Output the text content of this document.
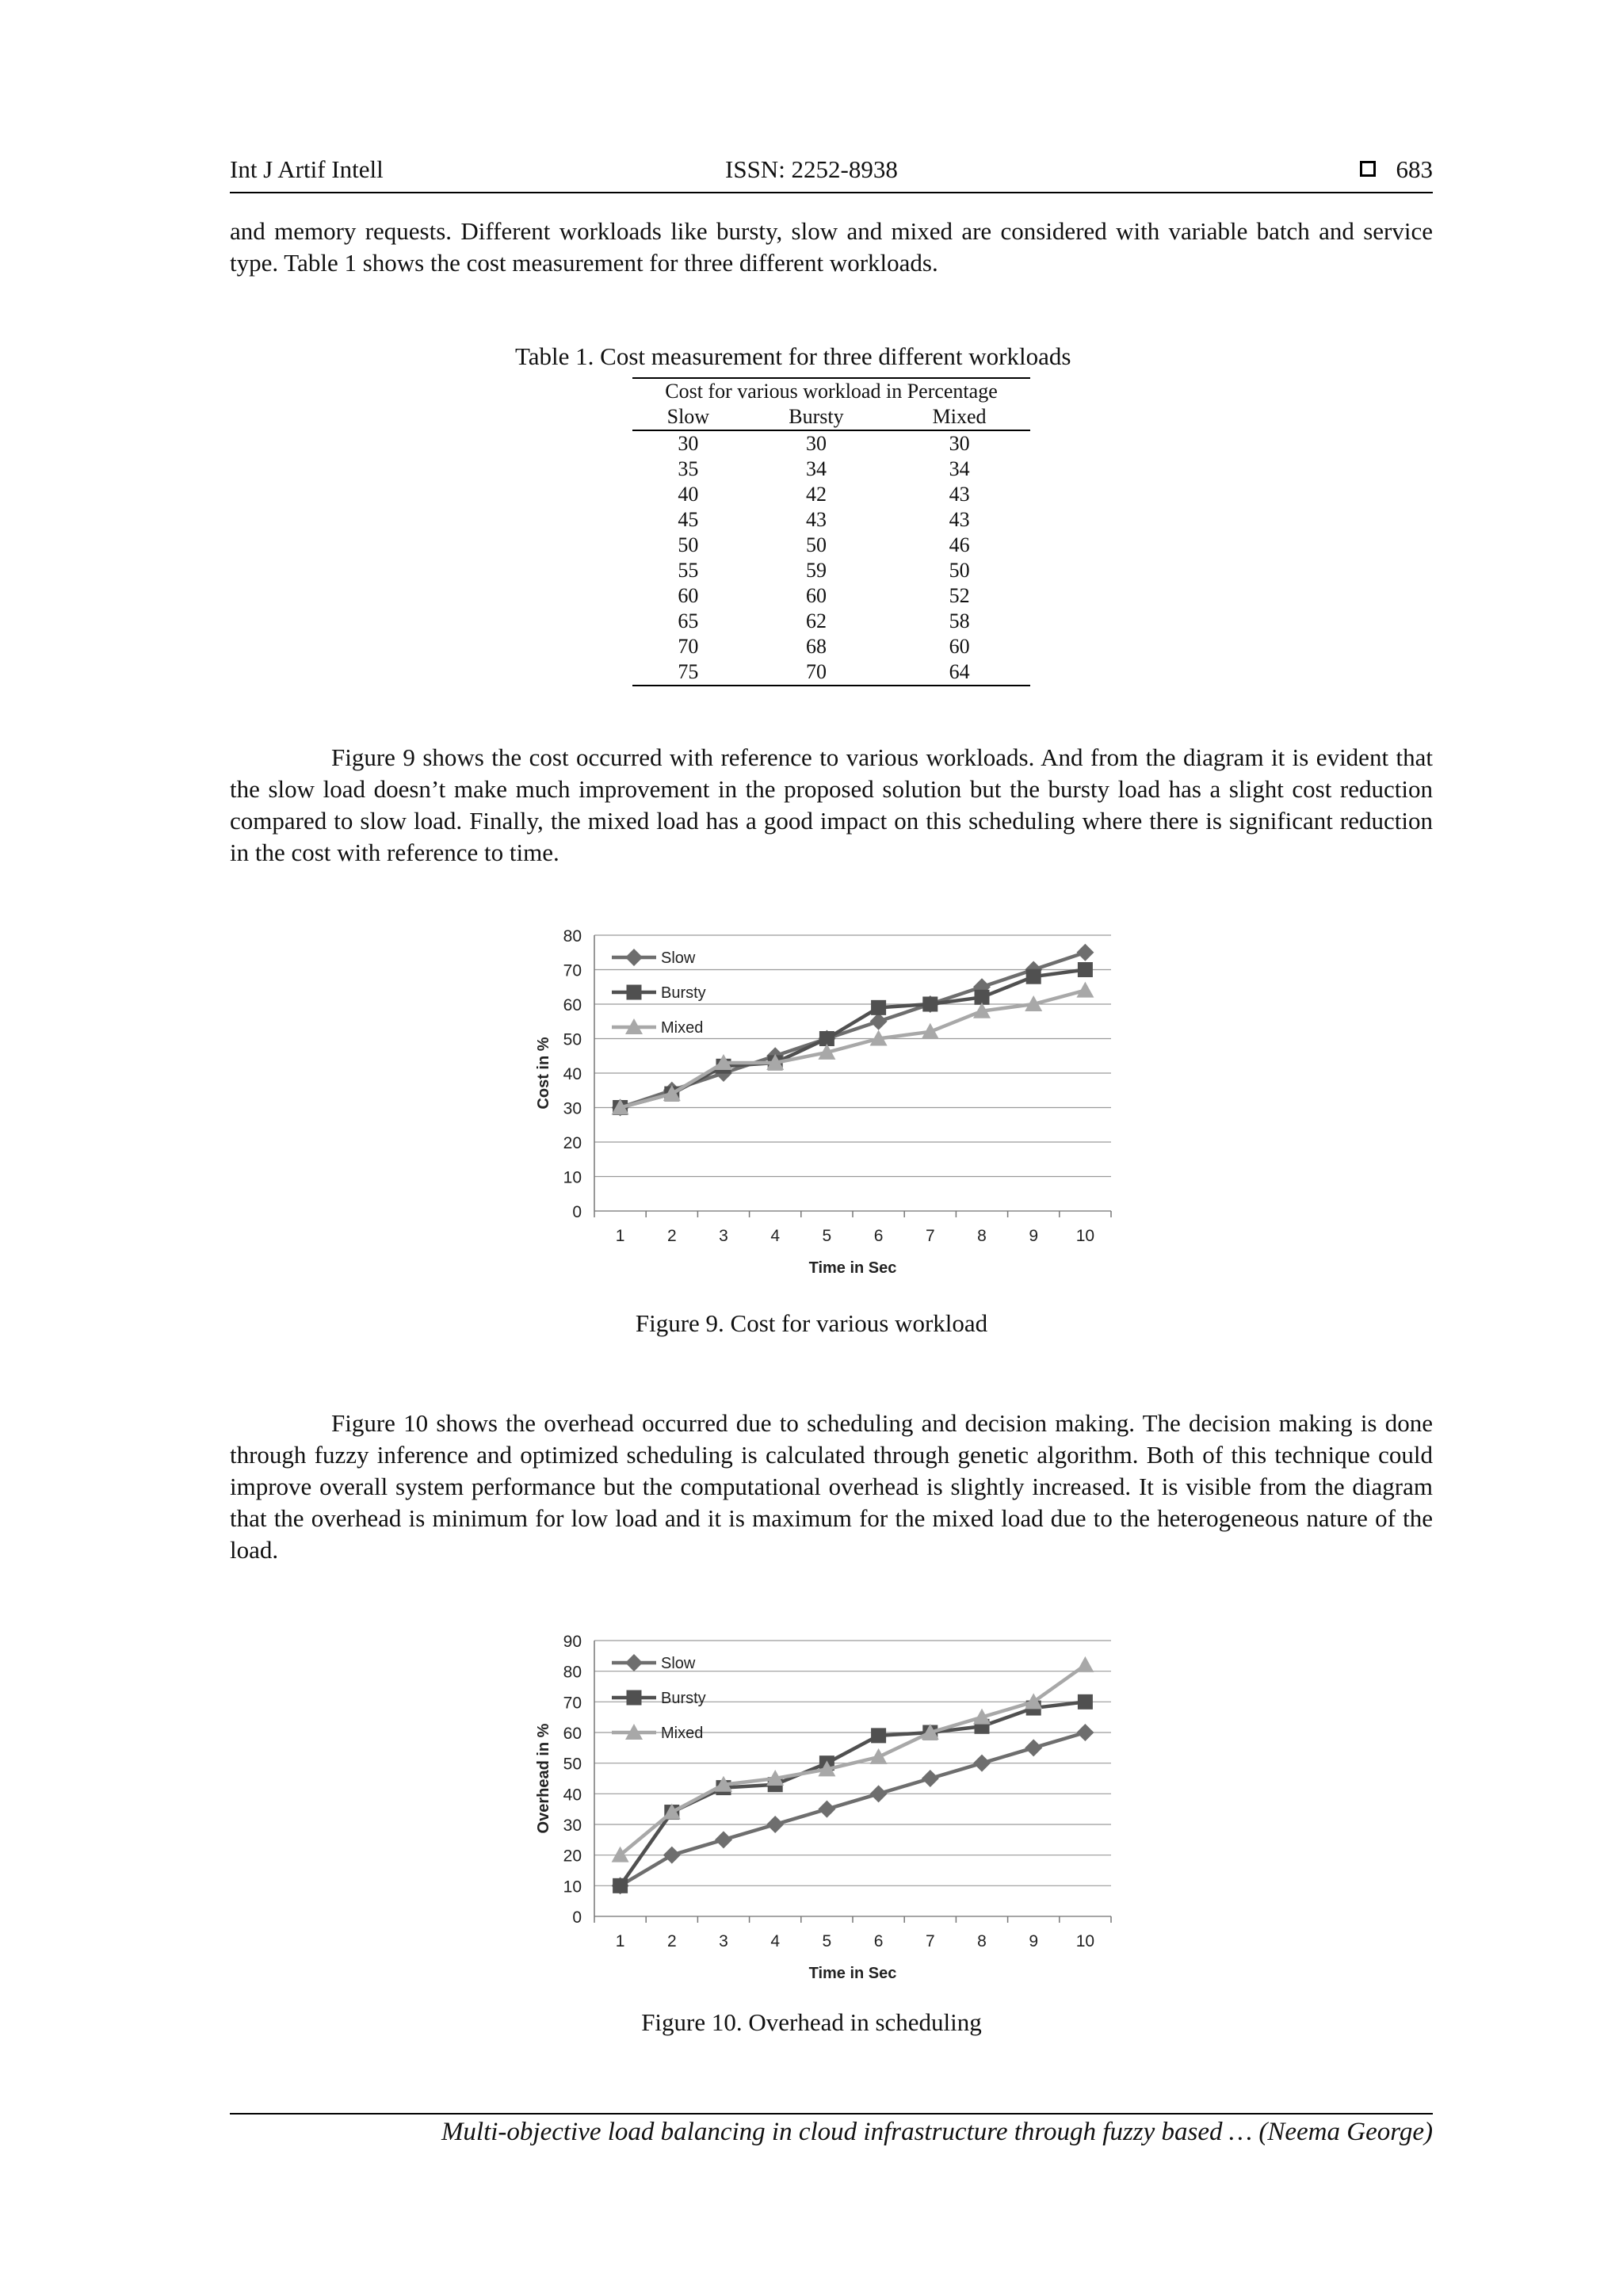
Int J Artif Intell	ISSN: 2252-8938	683

and memory requests. Different workloads like bursty, slow and mixed are considered with variable batch and service type. Table 1 shows the cost measurement for three different workloads.

Table 1. Cost measurement for three different workloads
Cost for various workload in Percentage		
Slow	Bursty	Mixed
30	30	30
35	34	34
40	42	43
45	43	43
50	50	46
55	59	50
60	60	52
65	62	58
70	68	60
75	70	64

Figure 9 shows the cost occurred with reference to various workloads. And from the diagram it is evident that the slow load doesn’t make much improvement in the proposed solution but the bursty load has a slight cost reduction compared to slow load. Finally, the mixed load has a good impact on this scheduling where there is significant reduction in the cost with reference to time.

0
10
20
30
40
50
60
70
80
1	2	3	4	5	6	7	8	9 10
Time in Sec
Cost in %
Slow
Bursty
Mixed
Figure 9. Cost for various workload

Figure 10 shows the overhead occurred due to scheduling and decision making. The decision making is done through fuzzy inference and optimized scheduling is calculated through genetic algorithm. Both of this technique could improve overall system performance but the computational overhead is slightly increased. It is visible from the diagram that the overhead is minimum for low load and it is maximum for the mixed load due to the heterogeneous nature of the load.

0
10
20
30
40
50
60
70
80
90
1	2	3	4	5	6	7	8	9 10
Time in Sec
Overhead in %
Slow
Bursty
Mixed
Figure 10. Overhead in scheduling
Multi-objective load balancing in cloud infrastructure through fuzzy based … (Neema George)
